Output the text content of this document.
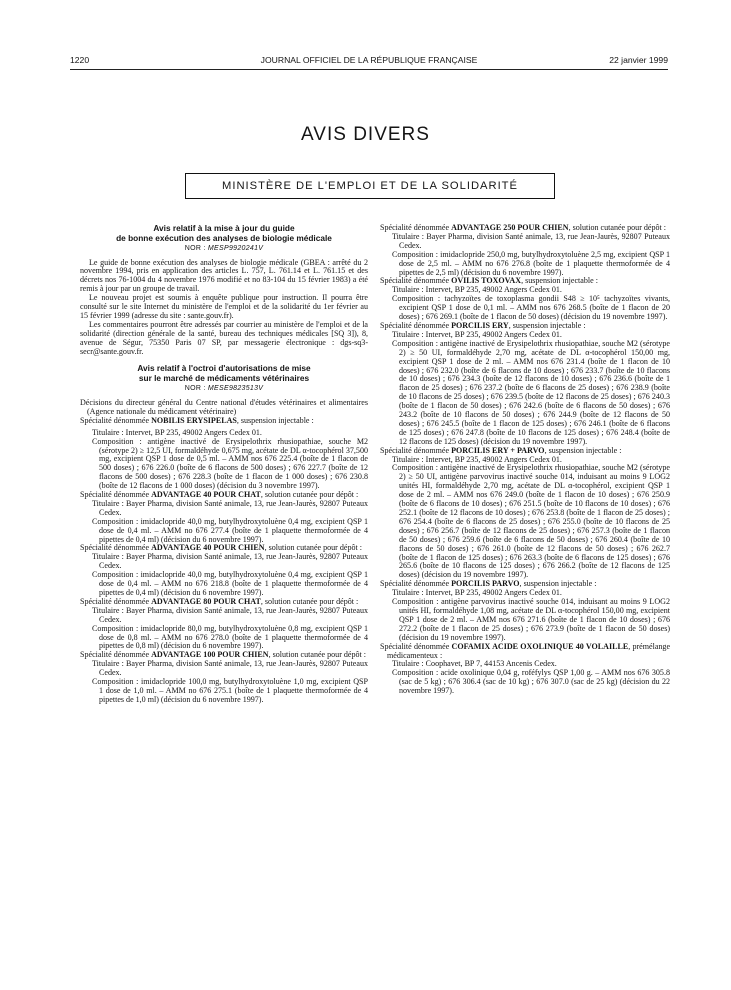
1220	JOURNAL OFFICIEL DE LA RÉPUBLIQUE FRANÇAISE	22 janvier 1999
AVIS DIVERS
MINISTÈRE DE L'EMPLOI ET DE LA SOLIDARITÉ
Avis relatif à la mise à jour du guide
de bonne exécution des analyses de biologie médicale
NOR : MESP9920241V

Le guide de bonne exécution des analyses de biologie médicale (GBEA : arrêté du 2 novembre 1994, pris en application des articles L. 757, L. 761.14 et L. 761.15 et des décrets nos 76-1004 du 4 novembre 1976 modifié et no 83-104 du 15 février 1983) a été remis à jour par un groupe de travail.

Le nouveau projet est soumis à enquête publique pour instruction. Il pourra être consulté sur le site Internet du ministère de l'emploi et de la solidarité du 1er février au 15 février 1999 (adresse du site : sante.gouv.fr).

Les commentaires pourront être adressés par courrier au ministère de l'emploi et de la solidarité (direction générale de la santé, bureau des techniques médicales [SQ 3]), 8, avenue de Ségur, 75350 Paris 07 SP, par messagerie électronique : dgs-sq3-secr@sante.gouv.fr.

Avis relatif à l'octroi d'autorisations de mise
sur le marché de médicaments vétérinaires
NOR : MESE9823513V

Décisions du directeur général du Centre national d'études vétérinaires et alimentaires (Agence nationale du médicament vétérinaire)

Spécialité dénommée NOBILIS ERYSIPELAS, suspension injectable :

Titulaire : Intervet, BP 235, 49002 Angers Cedex 01.

Composition : antigène inactivé de Erysipelothrix rhusiopathiae, souche M2 (sérotype 2) ≥ 12,5 UI, formaldéhyde 0,675 mg, acétate de DL α-tocophérol 37,500 mg, excipient QSP 1 dose de 0,5 ml. – AMM nos 676 225.4 (boîte de 1 flacon de 500 doses) ; 676 226.0 (boîte de 6 flacons de 500 doses) ; 676 227.7 (boîte de 12 flacons de 500 doses) ; 676 228.3 (boîte de 1 flacon de 1 000 doses) ; 676 230.8 (boîte de 12 flacons de 1 000 doses) (décision du 3 novembre 1997).

Spécialité dénommée ADVANTAGE 40 POUR CHAT, solution cutanée pour dépôt :

Titulaire : Bayer Pharma, division Santé animale, 13, rue Jean-Jaurès, 92807 Puteaux Cedex.

Composition : imidaclopride 40,0 mg, butylhydroxytoluène 0,4 mg, excipient QSP 1 dose de 0,4 ml. – AMM no 676 277.4 (boîte de 1 plaquette thermoformée de 4 pipettes de 0,4 ml) (décision du 6 novembre 1997).

Spécialité dénommée ADVANTAGE 40 POUR CHIEN, solution cutanée pour dépôt :

Titulaire : Bayer Pharma, division Santé animale, 13, rue Jean-Jaurès, 92807 Puteaux Cedex.

Composition : imidaclopride 40,0 mg, butylhydroxytoluène 0,4 mg, excipient QSP 1 dose de 0,4 ml. – AMM no 676 218.8 (boîte de 1 plaquette thermoformée de 4 pipettes de 0,4 ml) (décision du 6 novembre 1997).

Spécialité dénommée ADVANTAGE 80 POUR CHAT, solution cutanée pour dépôt :

Titulaire : Bayer Pharma, division Santé animale, 13, rue Jean-Jaurès, 92807 Puteaux Cedex.

Composition : imidaclopride 80,0 mg, butylhydroxytoluène 0,8 mg, excipient QSP 1 dose de 0,8 ml. – AMM no 676 278.0 (boîte de 1 plaquette thermoformée de 4 pipettes de 0,8 ml) (décision du 6 novembre 1997).

Spécialité dénommée ADVANTAGE 100 POUR CHIEN, solution cutanée pour dépôt :

Titulaire : Bayer Pharma, division Santé animale, 13, rue Jean-Jaurès, 92807 Puteaux Cedex.

Composition : imidaclopride 100,0 mg, butylhydroxytoluène 1,0 mg, excipient QSP 1 dose de 1,0 ml. – AMM no 676 275.1 (boîte de 1 plaquette thermoformée de 4 pipettes de 1,0 ml) (décision du 6 novembre 1997).

Spécialité dénommée ADVANTAGE 250 POUR CHIEN, solution cutanée pour dépôt :

Titulaire : Bayer Pharma, division Santé animale, 13, rue Jean-Jaurès, 92807 Puteaux Cedex.

Composition : imidaclopride 250,0 mg, butylhydroxytoluène 2,5 mg, excipient QSP 1 dose de 2,5 ml. – AMM no 676 276.8 (boîte de 1 plaquette thermoformée de 4 pipettes de 2,5 ml) (décision du 6 novembre 1997).

Spécialité dénommée OVILIS TOXOVAX, suspension injectable :

Titulaire : Intervet, BP 235, 49002 Angers Cedex 01.

Composition : tachyzoïtes de toxoplasma gondii S48 ≥ 10⁵ tachyzoïtes vivants, excipient QSP 1 dose de 0,1 ml. – AMM nos 676 268.5 (boîte de 1 flacon de 20 doses) ; 676 269.1 (boîte de 1 flacon de 50 doses) (décision du 19 novembre 1997).

Spécialité dénommée PORCILIS ERY, suspension injectable :

Titulaire : Intervet, BP 235, 49002 Angers Cedex 01.

Composition : antigène inactivé de Erysipelothrix rhusiopathiae, souche M2 (sérotype 2) ≥ 50 UI, formaldéhyde 2,70 mg, acétate de DL α-tocophérol 150,00 mg, excipient QSP 1 dose de 2 ml. – AMM nos 676 231.4 (boîte de 1 flacon de 10 doses) ; 676 232.0 (boîte de 6 flacons de 10 doses) ; 676 233.7 (boîte de 10 flacons de 10 doses) ; 676 234.3 (boîte de 12 flacons de 10 doses) ; 676 236.6 (boîte de 1 flacon de 25 doses) ; 676 237.2 (boîte de 6 flacons de 25 doses) ; 676 238.9 (boîte de 10 flacons de 25 doses) ; 676 239.5 (boîte de 12 flacons de 25 doses) ; 676 240.3 (boîte de 1 flacon de 50 doses) ; 676 242.6 (boîte de 6 flacons de 50 doses) ; 676 243.2 (boîte de 10 flacons de 50 doses) ; 676 244.9 (boîte de 12 flacons de 50 doses) ; 676 245.5 (boîte de 1 flacon de 125 doses) ; 676 246.1 (boîte de 6 flacons de 125 doses) ; 676 247.8 (boîte de 10 flacons de 125 doses) ; 676 248.4 (boîte de 12 flacons de 125 doses) (décision du 19 novembre 1997).

Spécialité dénommée PORCILIS ERY + PARVO, suspension injectable :

Titulaire : Intervet, BP 235, 49002 Angers Cedex 01.

Composition : antigène inactivé de Erysipelothrix rhusiopathiae, souche M2 (sérotype 2) ≥ 50 UI, antigène parvovirus inactivé souche 014, induisant au moins 9 LOG2 unités HI, formaldéhyde 2,70 mg, acétate de DL α-tocophérol, excipient QSP 1 dose de 2 ml. – AMM nos 676 249.0 (boîte de 1 flacon de 10 doses) ; 676 250.9 (boîte de 6 flacons de 10 doses) ; 676 251.5 (boîte de 10 flacons de 10 doses) ; 676 252.1 (boîte de 12 flacons de 10 doses) ; 676 253.8 (boîte de 1 flacon de 25 doses) ; 676 254.4 (boîte de 6 flacons de 25 doses) ; 676 255.0 (boîte de 10 flacons de 25 doses) ; 676 256.7 (boîte de 12 flacons de 25 doses) ; 676 257.3 (boîte de 1 flacon de 50 doses) ; 676 259.6 (boîte de 6 flacons de 50 doses) ; 676 260.4 (boîte de 10 flacons de 50 doses) ; 676 261.0 (boîte de 12 flacons de 50 doses) ; 676 262.7 (boîte de 1 flacon de 125 doses) ; 676 263.3 (boîte de 6 flacons de 125 doses) ; 676 265.6 (boîte de 10 flacons de 125 doses) ; 676 266.2 (boîte de 12 flacons de 125 doses) (décision du 19 novembre 1997).

Spécialité dénommée PORCILIS PARVO, suspension injectable :

Titulaire : Intervet, BP 235, 49002 Angers Cedex 01.

Composition : antigène parvovirus inactivé souche 014, induisant au moins 9 LOG2 unités HI, formaldéhyde 1,08 mg, acétate de DL α-tocophérol 150,00 mg, excipient QSP 1 dose de 2 ml. – AMM nos 676 271.6 (boîte de 1 flacon de 10 doses) ; 676 272.2 (boîte de 1 flacon de 25 doses) ; 676 273.9 (boîte de 1 flacon de 50 doses) (décision du 19 novembre 1997).

Spécialité dénommée COFAMIX ACIDE OXOLINIQUE 40 VOLAILLE, prémélange médicamenteux :

Titulaire : Coophavet, BP 7, 44153 Ancenis Cedex.

Composition : acide oxolinique 0,04 g, roféfylys QSP 1,00 g. – AMM nos 676 305.8 (sac de 5 kg) ; 676 306.4 (sac de 10 kg) ; 676 307.0 (sac de 25 kg) (décision du 22 novembre 1997).
